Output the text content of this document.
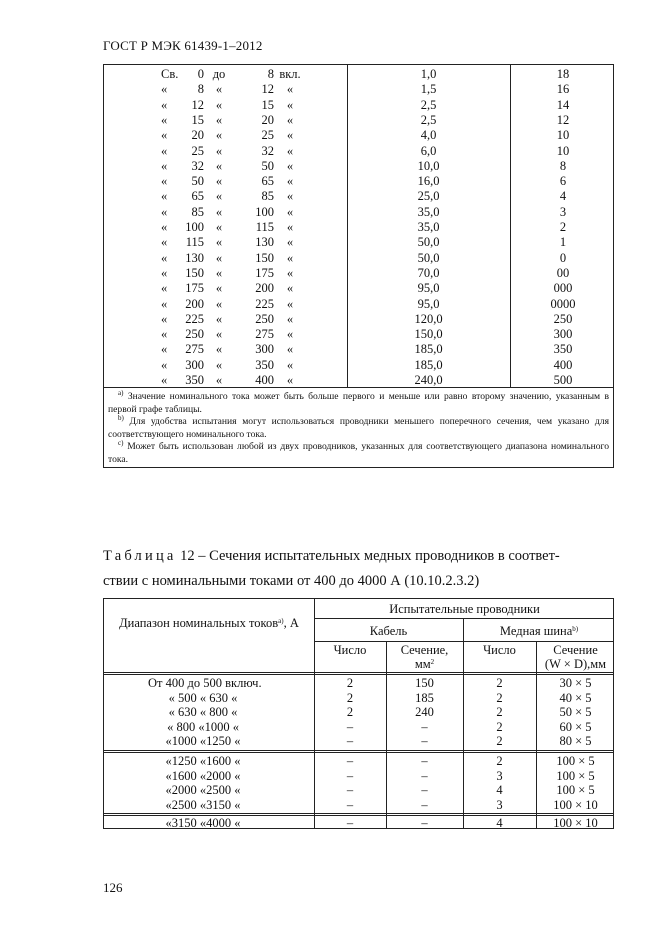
ГОСТ Р МЭК 61439-1–2012
Св.	0 до	8 вкл.	1,0	18
«	8 «	12	«	1,5	16
«	12 «	15	«	2,5	14
«	15 «	20	«	2,5	12
«	20 «	25	«	4,0	10
«	25 «	32	«	6,0	10
«	32 «	50	«	10,0	8
«	50 «	65	«	16,0	6
«	65 «	85	«	25,0	4
«	85 «	100	«	35,0	3
«	100 «	115	«	35,0	2
«	115 «	130	«	50,0	1
«	130 «	150	«	50,0	0
«	150 «	175	«	70,0	00
«	175 «	200	«	95,0	000
«	200 «	225	«	95,0	0000
«	225 «	250	«	120,0	250
«	250 «	275	«	150,0	300
«	275 «	300	«	185,0	350
«	300 «	350	«	185,0	400
«	350 «	400	«	240,0	500

$^{a)}$ Значение номинального тока может быть больше первого и меньше или равно второму значению, указанным в первой графе таблицы.

$^{b)}$ Для удобства испытания могут использоваться проводники меньшего поперечного сечения, чем указано для соответствующего номинального тока.

$^{c)}$ Может быть использован любой из двух проводников, указанных для соответствующего диапазона номинального тока.

Таблица 12 – Сечения испытательных медных проводников в соответ-
ствии с номинальными токами от 400 до 4000 А (10.10.2.3.2)
Диапазон номинальных токов$^{a)}$, А
Испытательные проводники
Кабель	Медная шина$^{b)}$
Число	Сечение,
$мм^2$
Число	Сечение
(W × D),мм
От 400 до 500 включ.	2	150	2	30 × 5
« 500 « 630 «	2	185	2	40 × 5
« 630 « 800 «	2	240	2	50 × 5
« 800 «1000 «	–	–	2	60 × 5
«1000 «1250 «	–	–	2	80 × 5
«1250 «1600 «	–	–	2	100 × 5
«1600 «2000 «	–	–	3	100 × 5
«2000 «2500 «	–	–	4	100 × 5
«2500 «3150 «	–	–	3	100 × 10
«3150 «4000 «	–	–	4	100 × 10
126
